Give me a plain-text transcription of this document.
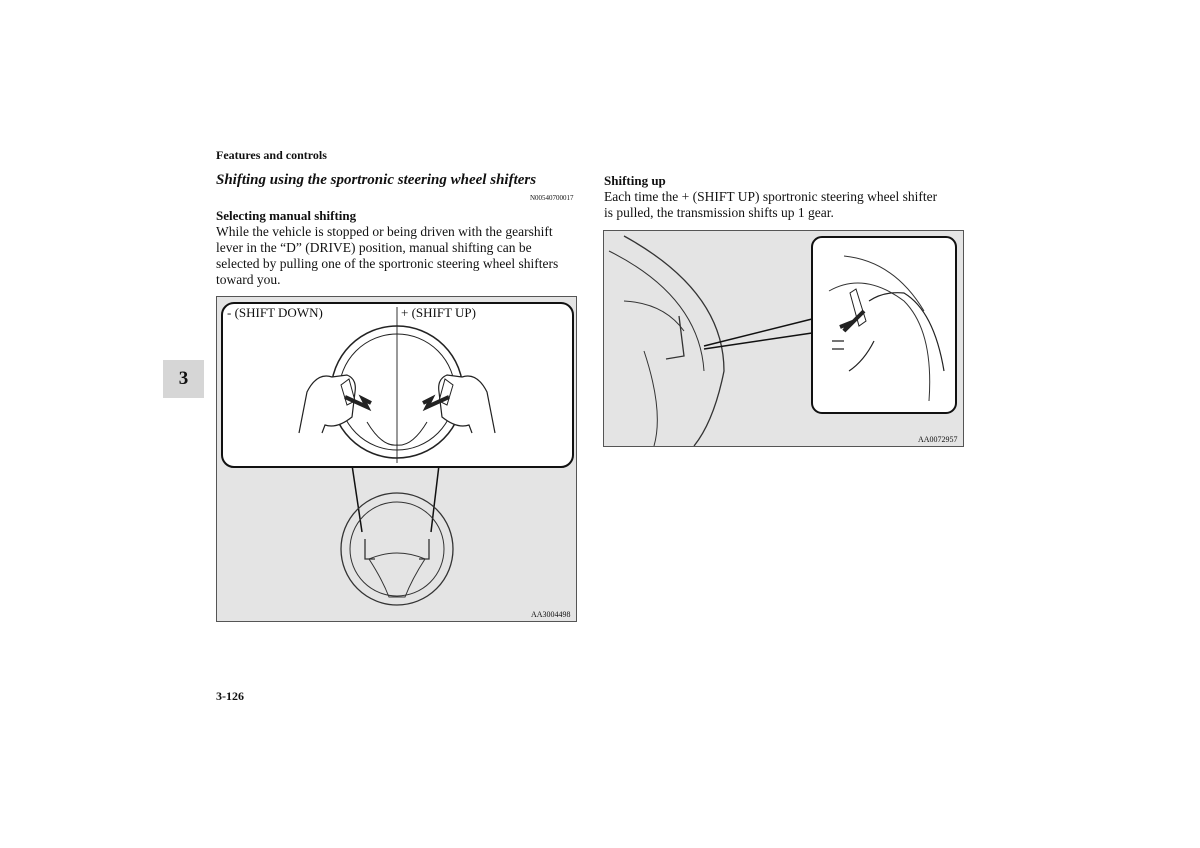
Features and controls
Shifting using the sportronic steering wheel shifters
N00540700017
Selecting manual shifting
While the vehicle is stopped or being driven with the gearshift
lever in the “D” (DRIVE) position, manual shifting can be
selected by pulling one of the sportronic steering wheel shifters
toward you.
- (SHIFT DOWN)	+ (SHIFT UP)
AA3004498
3
Shifting up
Each time the + (SHIFT UP) sportronic steering wheel shifter
is pulled, the transmission shifts up 1 gear.
AA0072957
3-126
